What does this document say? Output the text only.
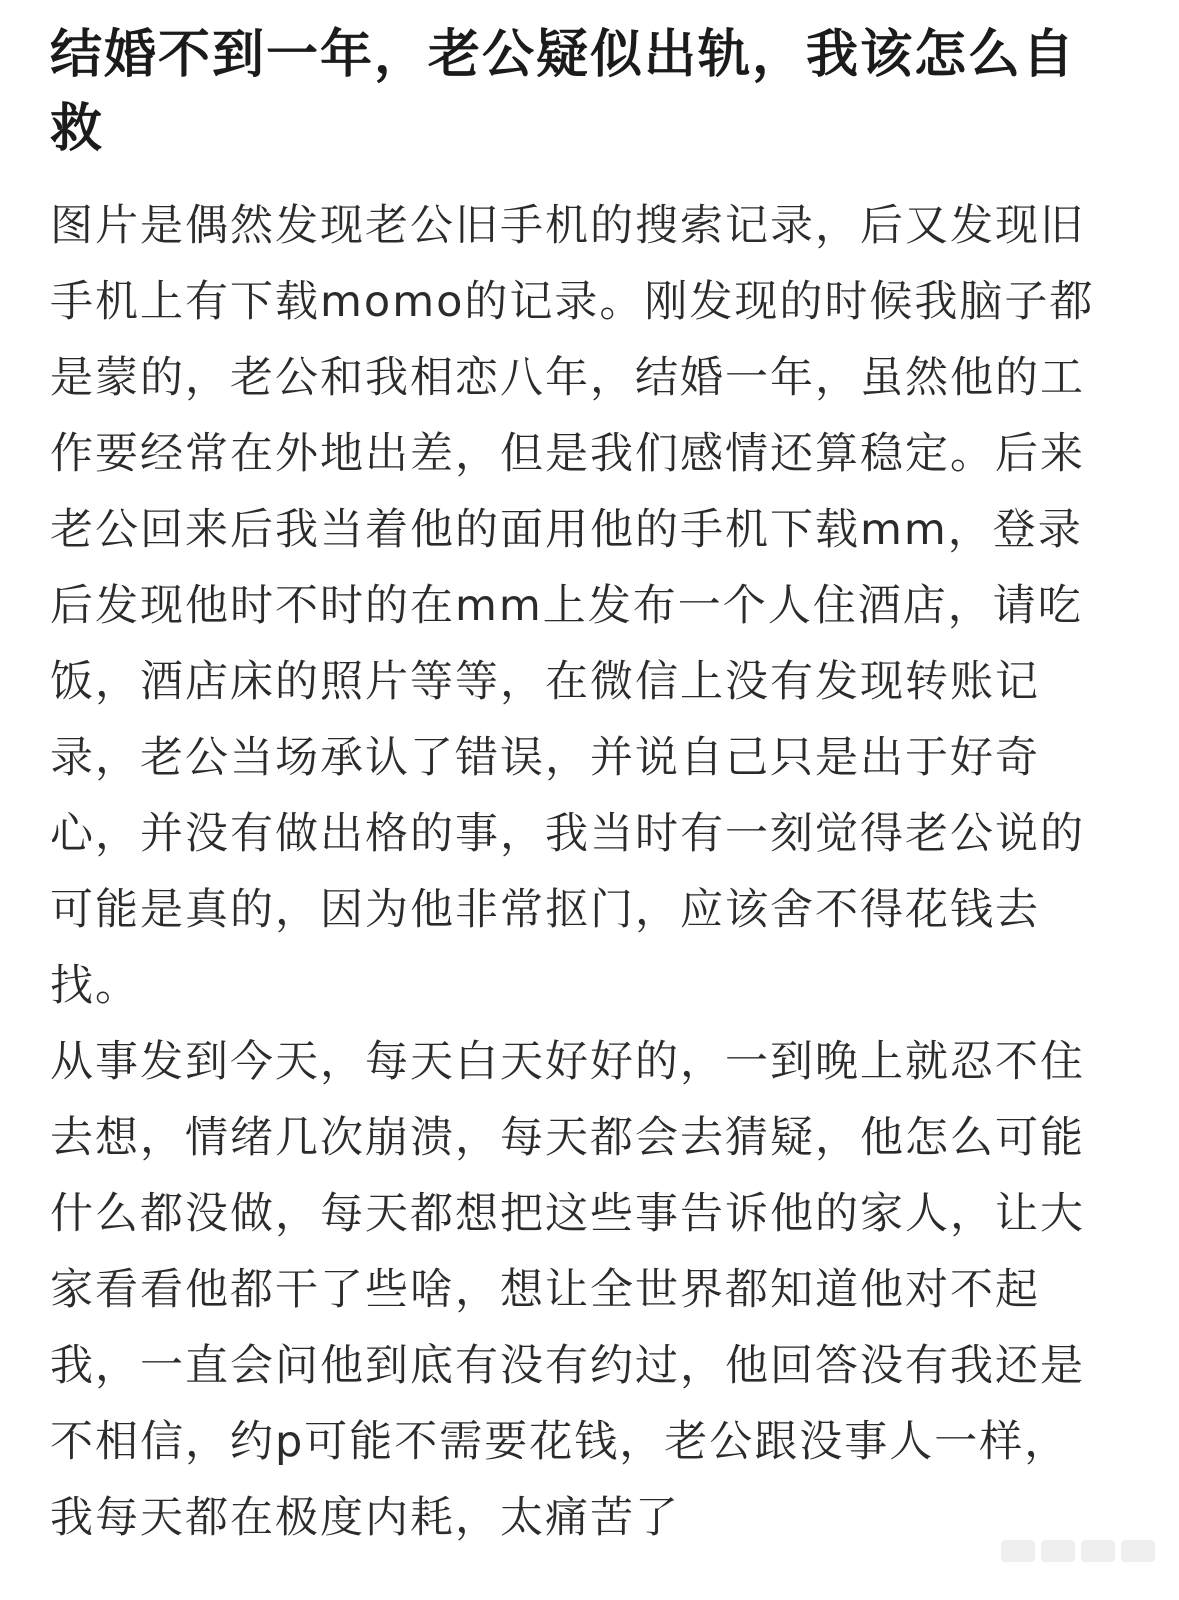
结婚不到一年，老公疑似出轨，我该怎么自救

图片是偶然发现老公旧手机的搜索记录，后又发现旧手机上有下载momo的记录。刚发现的时候我脑子都是蒙的，老公和我相恋八年，结婚一年，虽然他的工作要经常在外地出差，但是我们感情还算稳定。后来老公回来后我当着他的面用他的手机下载mm，登录后发现他时不时的在mm上发布一个人住酒店，请吃饭，酒店床的照片等等，在微信上没有发现转账记录，老公当场承认了错误，并说自己只是出于好奇心，并没有做出格的事，我当时有一刻觉得老公说的可能是真的，因为他非常抠门，应该舍不得花钱去找。

从事发到今天，每天白天好好的，一到晚上就忍不住去想，情绪几次崩溃，每天都会去猜疑，他怎么可能什么都没做，每天都想把这些事告诉他的家人，让大家看看他都干了些啥，想让全世界都知道他对不起我，一直会问他到底有没有约过，他回答没有我还是不相信，约p可能不需要花钱，老公跟没事人一样，我每天都在极度内耗，太痛苦了
